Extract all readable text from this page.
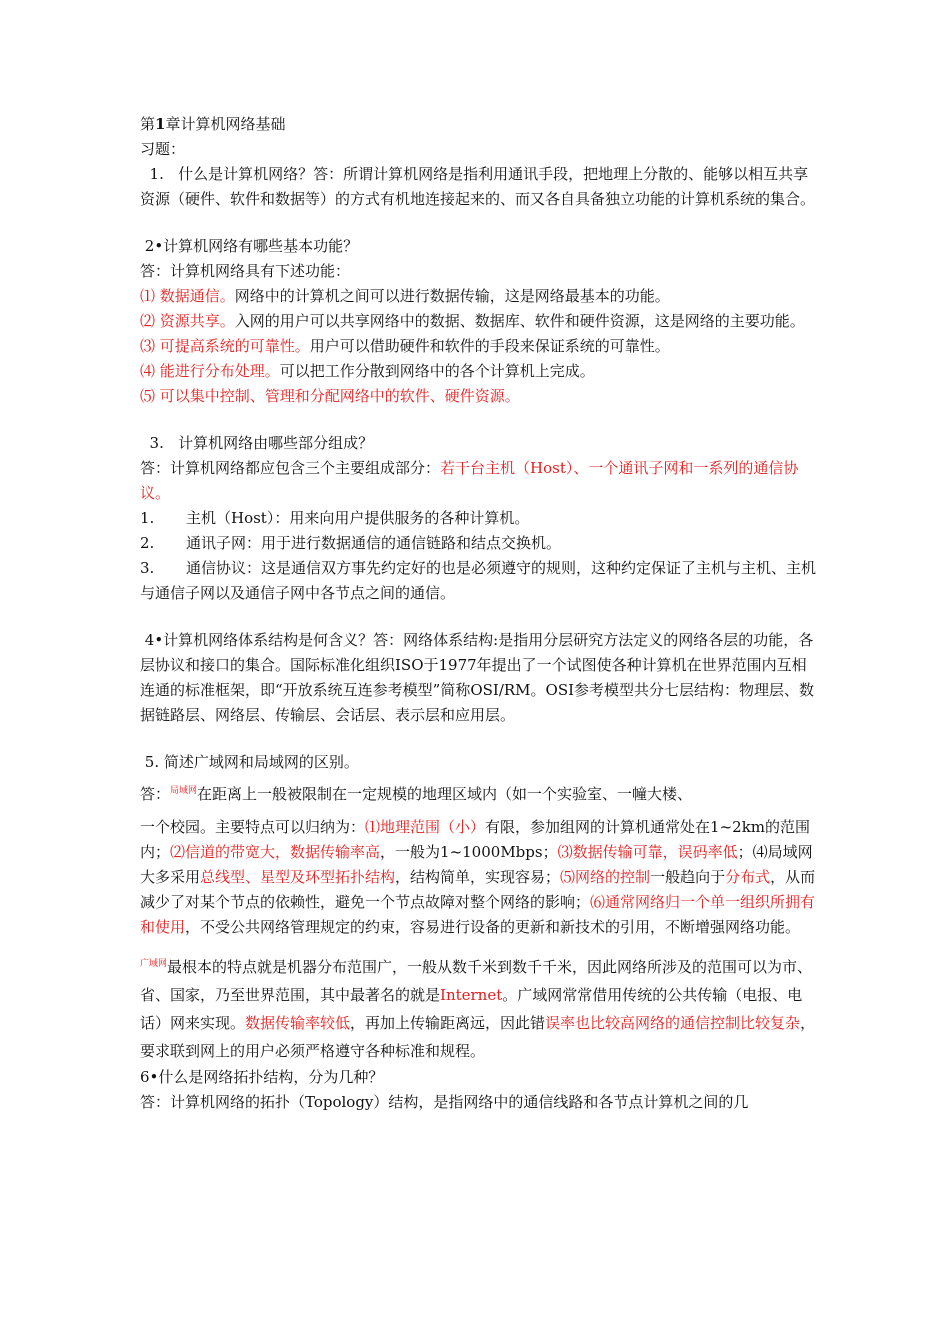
第1章计算机网络基础

习题：

1.   什么是计算机网络？答：所谓计算机网络是指利用通讯手段，把地理上分散的、能够以相互共享资源（硬件、软件和数据等）的方式有机地连接起来的、而又各自具备独立功能的计算机系统的集合。

2•计算机网络有哪些基本功能？

答：计算机网络具有下述功能：

⑴ 数据通信。网络中的计算机之间可以进行数据传输，这是网络最基本的功能。

⑵ 资源共享。入网的用户可以共享网络中的数据、数据库、软件和硬件资源，这是网络的主要功能。

⑶ 可提高系统的可靠性。用户可以借助硬件和软件的手段来保证系统的可靠性。

⑷ 能进行分布处理。可以把工作分散到网络中的各个计算机上完成。

⑸ 可以集中控制、管理和分配网络中的软件、硬件资源。

3.   计算机网络由哪些部分组成？

答：计算机网络都应包含三个主要组成部分：若干台主机（Host）、一个通讯子网和一系列的通信协议。

1. 主机（Host）：用来向用户提供服务的各种计算机。

2. 通讯子网：用于进行数据通信的通信链路和结点交换机。

3. 通信协议：这是通信双方事先约定好的也是必须遵守的规则，这种约定保证了主机与主机、主机与通信子网以及通信子网中各节点之间的通信。

4•计算机网络体系结构是何含义？答：网络体系结构:是指用分层研究方法定义的网络各层的功能，各层协议和接口的集合。国际标准化组织ISO于1977年提出了一个试图使各种计算机在世界范围内互相连通的标准框架，即“开放系统互连参考模型”简称OSI/RM。OSI参考模型共分七层结构：物理层、数据链路层、网络层、传输层、会话层、表示层和应用层。

5. 简述广域网和局域网的区别。

答：$^{局域网}$在距离上一般被限制在一定规模的地理区域内（如一个实验室、一幢大楼、

一个校园。主要特点可以归纳为：⑴地理范围（小）有限，参加组网的计算机通常处在1~2km的范围内；⑵信道的带宽大，数据传输率高，一般为1~1000Mbps；⑶数据传输可靠，误码率低；⑷局域网大多采用总线型、星型及环型拓扑结构，结构简单，实现容易；⑸网络的控制一般趋向于分布式，从而减少了对某个节点的依赖性，避免一个节点故障对整个网络的影响；⑹通常网络归一个单一组织所拥有和使用，不受公共网络管理规定的约束，容易进行设备的更新和新技术的引用，不断增强网络功能。

$^{广域网}$最根本的特点就是机器分布范围广，一般从数千米到数千千米，因此网络所涉及的范围可以为市、省、国家，乃至世界范围，其中最著名的就是Internet。广域网常常借用传统的公共传输（电报、电话）网来实现。数据传输率较低，再加上传输距离远，因此错误率也比较高网络的通信控制比较复杂，要求联到网上的用户必须严格遵守各种标准和规程。

6•什么是网络拓扑结构，分为几种？

答：计算机网络的拓扑（Topology）结构，是指网络中的通信线路和各节点计算机之间的几
